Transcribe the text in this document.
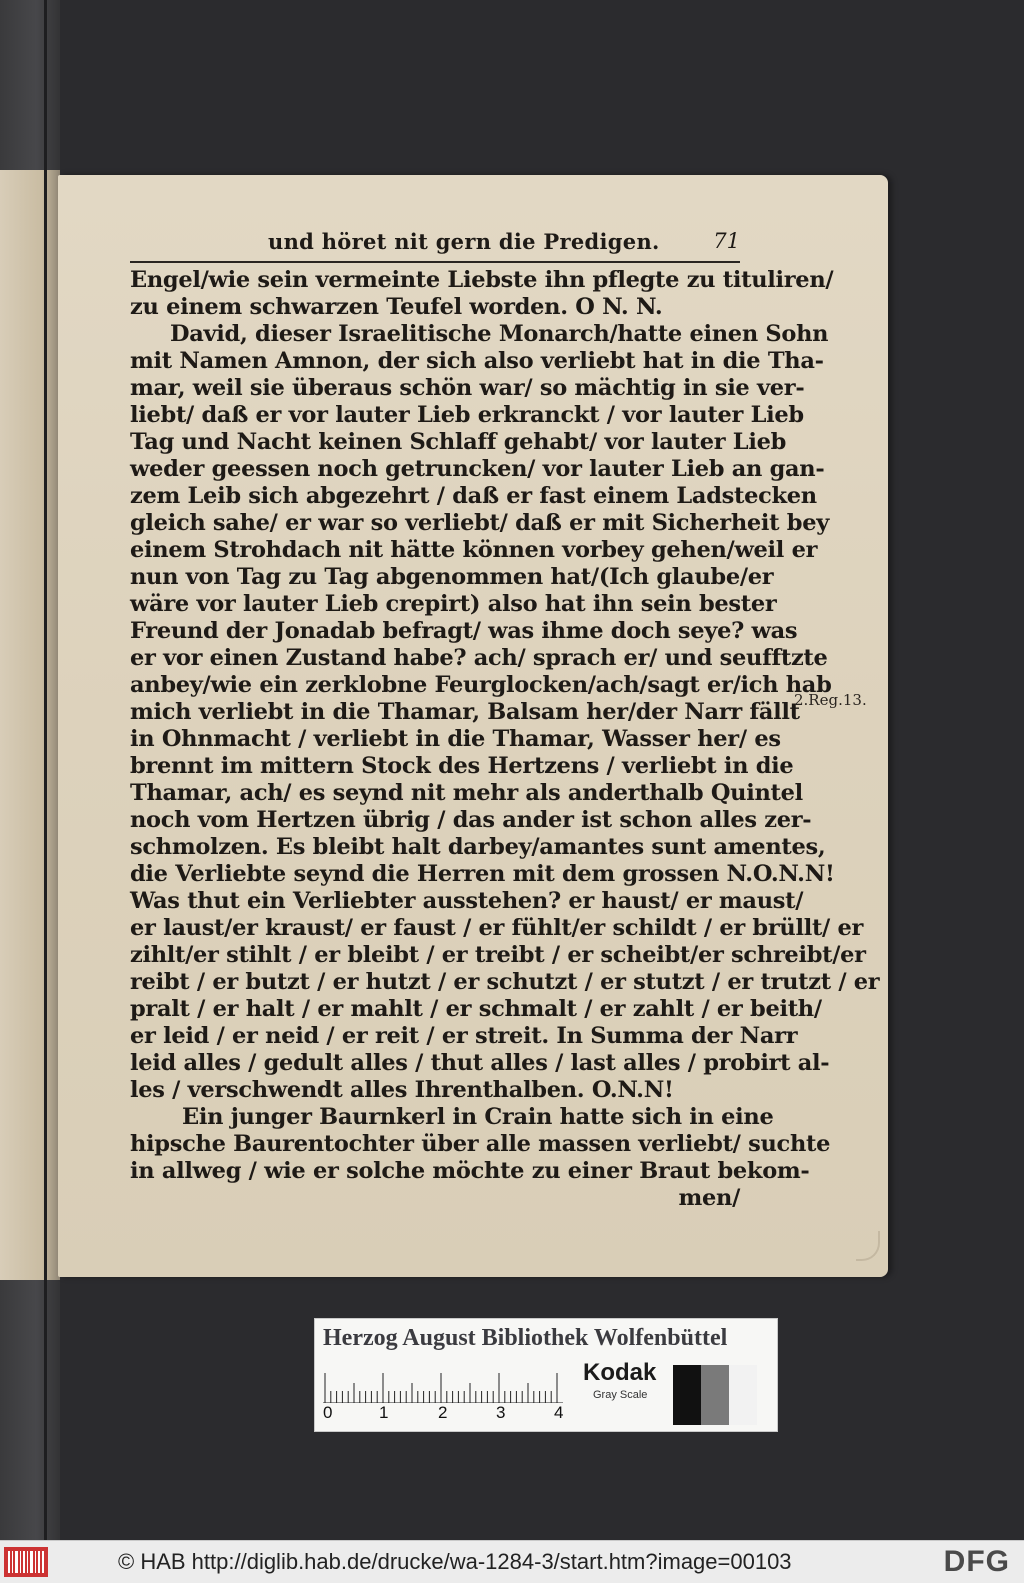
und höret nit gern die Predigen.	71
Engel/wie sein vermeinte Liebste ihn pflegte zu tituliren/
zu einem schwarzen Teufel worden. O N. N.
David, dieser Israelitische Monarch/hatte einen Sohn
mit Namen Amnon, der sich also verliebt hat in die Tha-
mar, weil sie überaus schön war/ so mächtig in sie ver-
liebt/ daß er vor lauter Lieb erkranckt / vor lauter Lieb
Tag und Nacht keinen Schlaff gehabt/ vor lauter Lieb
weder geessen noch getruncken/ vor lauter Lieb an gan-
zem Leib sich abgezehrt / daß er fast einem Ladstecken
gleich sahe/ er war so verliebt/ daß er mit Sicherheit bey
einem Strohdach nit hätte können vorbey gehen/weil er
nun von Tag zu Tag abgenommen hat/(Ich glaube/er
wäre vor lauter Lieb crepirt) also hat ihn sein bester
Freund der Jonadab befragt/ was ihme doch seye? was
er vor einen Zustand habe? ach/ sprach er/ und seufftzte
anbey/wie ein zerklobne Feurglocken/ach/sagt er/ich hab
mich verliebt in die Thamar, Balsam her/der Narr fällt
in Ohnmacht / verliebt in die Thamar, Wasser her/ es
brennt im mittern Stock des Hertzens / verliebt in die
Thamar, ach/ es seynd nit mehr als anderthalb Quintel
noch vom Hertzen übrig / das ander ist schon alles zer-
schmolzen. Es bleibt halt darbey/amantes sunt amentes,
die Verliebte seynd die Herren mit dem grossen N.O.N.N!
Was thut ein Verliebter ausstehen? er haust/ er maust/
er laust/er kraust/ er faust / er fühlt/er schildt / er brüllt/ er
zihlt/er stihlt / er bleibt / er treibt / er scheibt/er schreibt/er
reibt / er butzt / er hutzt / er schutzt / er stutzt / er trutzt / er
pralt / er halt / er mahlt / er schmalt / er zahlt / er beith/
er leid / er neid / er reit / er streit. In Summa der Narr
leid alles / gedult alles / thut alles / last alles / probirt al-
les / verschwendt alles Ihrenthalben. O.N.N!
Ein junger Baurnkerl in Crain hatte sich in eine
hipsche Baurentochter über alle massen verliebt/ suchte
in allweg / wie er solche möchte zu einer Braut bekom-
men/
2.Reg.13.
Herzog August Bibliothek Wolfenbüttel
0	1	2	3	4
Kodak
Gray Scale
© HAB http://diglib.hab.de/drucke/wa-1284-3/start.htm?image=00103	DFG
